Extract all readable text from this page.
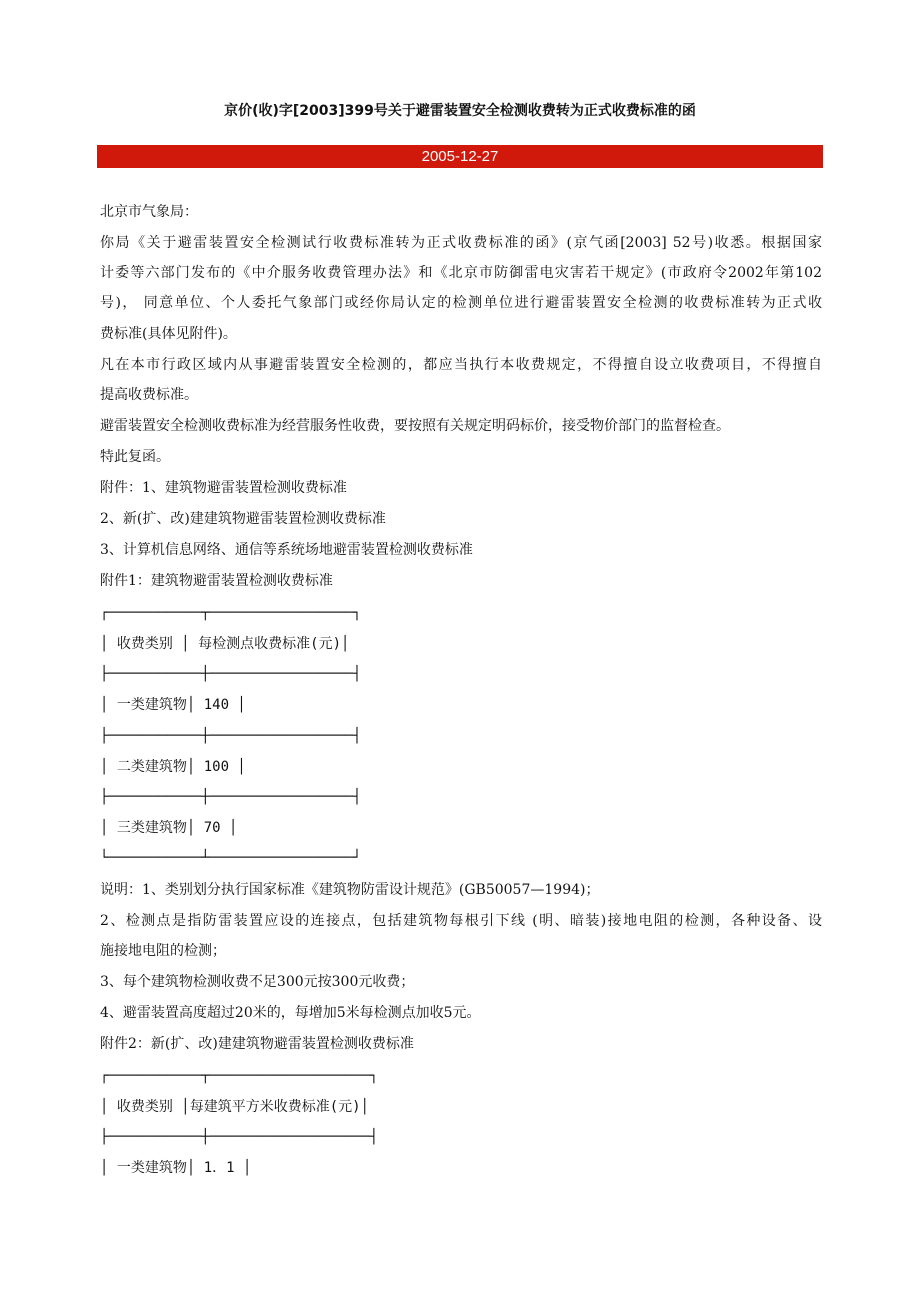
京价(收)字[2003]399号关于避雷装置安全检测收费转为正式收费标准的函
2005-12-27
北京市气象局：
你局《关于避雷装置安全检测试行收费标准转为正式收费标准的函》(京气函[2003] 52号)收悉。根据国家
计委等六部门发布的《中介服务收费管理办法》和《北京市防御雷电灾害若干规定》(市政府令2002年第102
号)， 同意单位、个人委托气象部门或经你局认定的检测单位进行避雷装置安全检测的收费标准转为正式收
费标准(具体见附件)。
凡在本市行政区域内从事避雷装置安全检测的，都应当执行本收费规定，不得擅自设立收费项目，不得擅自
提高收费标准。
避雷装置安全检测收费标准为经营服务性收费，要按照有关规定明码标价，接受物价部门的监督检查。
特此复函。
附件：1、建筑物避雷装置检测收费标准
2、新(扩、改)建建筑物避雷装置检测收费标准
3、计算机信息网络、通信等系统场地避雷装置检测收费标准
附件1：建筑物避雷装置检测收费标准
┌───────────┬─────────────────┐
│ 收费类别 │ 每检测点收费标准(元)│
├───────────┼─────────────────┤
│ 一类建筑物│ 140 │
├───────────┼─────────────────┤
│ 二类建筑物│ 100 │
├───────────┼─────────────────┤
│ 三类建筑物│ 70 │
└───────────┴─────────────────┘
说明：1、类别划分执行国家标准《建筑物防雷设计规范》(GB50057—1994)；
2、检测点是指防雷装置应设的连接点，包括建筑物每根引下线 (明、暗装)接地电阻的检测，各种设备、设
施接地电阻的检测；
3、每个建筑物检测收费不足300元按300元收费；
4、避雷装置高度超过20米的，每增加5米每检测点加收5元。
附件2：新(扩、改)建建筑物避雷装置检测收费标准
┌───────────┬───────────────────┐
│ 收费类别 │每建筑平方米收费标准(元)│
├───────────┼───────────────────┤
│ 一类建筑物│ 1．1 │
